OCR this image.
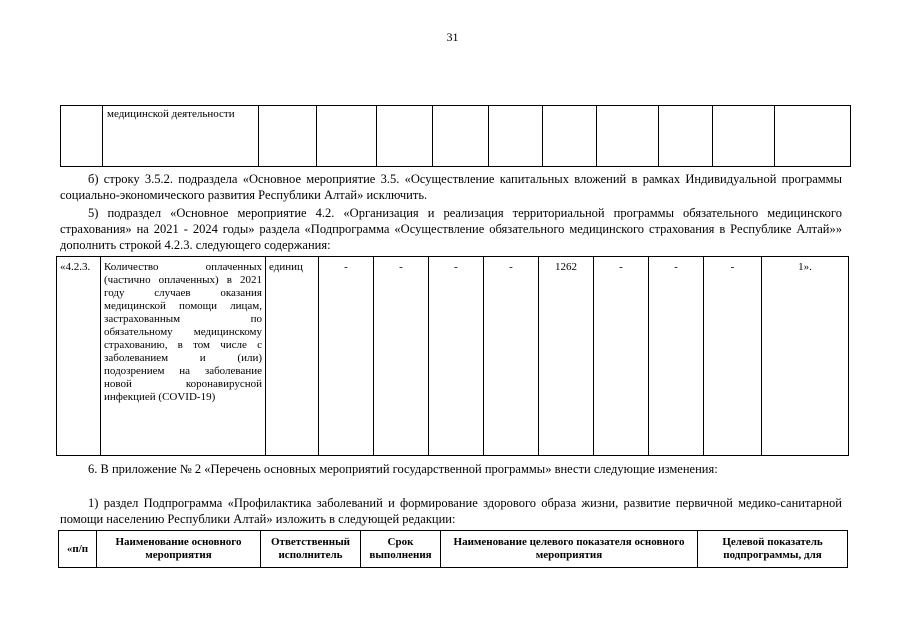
31
	медицинской деятельности										
б) строку 3.5.2. подраздела «Основное мероприятие 3.5. «Осуществление капитальных вложений в рамках Индивидуальной программы социально-экономического развития Республики Алтай» исключить.
5) подраздел «Основное мероприятие 4.2. «Организация и реализация территориальной программы обязательного медицинского страхования» на 2021 - 2024 годы» раздела «Подпрограмма «Осуществление обязательного медицинского страхования в Республике Алтай»» дополнить строкой 4.2.3. следующего содержания:
«4.2.3.	Количество оплаченных (частично оплаченных) в 2021 году случаев оказания медицинской помощи лицам, застрахованным по обязательному медицинскому страхованию, в том числе с заболеванием и (или) подозрением на заболевание новой коронавирусной инфекцией (COVID-19)	единиц	-	-	-	-	1262	-	-	-	1».
6. В приложение № 2 «Перечень основных мероприятий государственной программы» внести следующие изменения:
1) раздел Подпрограмма «Профилактика заболеваний и формирование здорового образа жизни, развитие первичной медико-санитарной помощи населению Республики Алтай» изложить в следующей редакции:
«п/п	Наименование основного мероприятия	Ответственный исполнитель	Срок выполнения	Наименование целевого показателя основного мероприятия	Целевой показатель подпрограммы, для
